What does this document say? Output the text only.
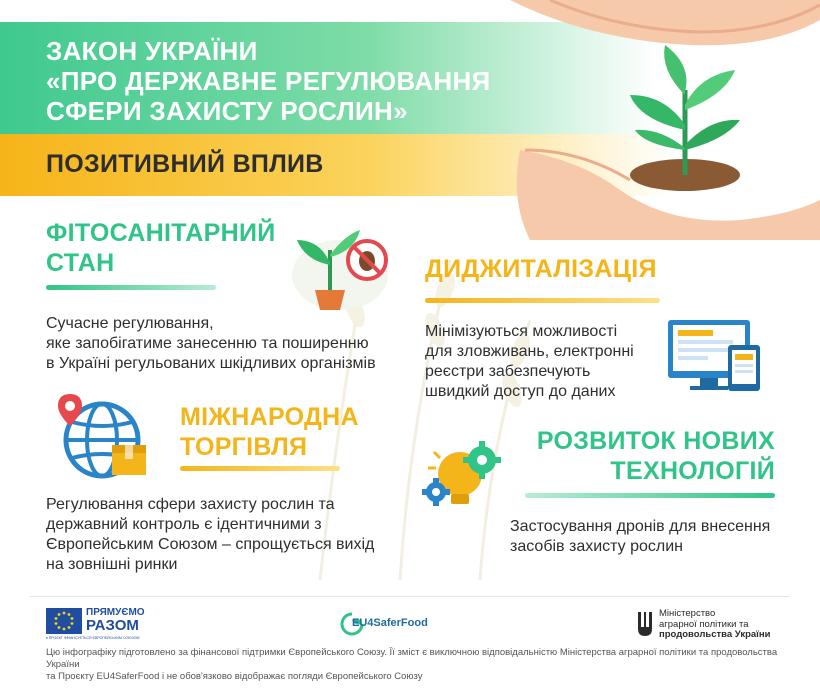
ЗАКОН УКРАЇНИ
«ПРО ДЕРЖАВНЕ РЕГУЛЮВАННЯ
СФЕРИ ЗАХИСТУ РОСЛИН»
ПОЗИТИВНИЙ ВПЛИВ
ФІТОСАНІТАРНИЙ
СТАН
Сучасне регулювання,
яке запобігатиме занесенню та поширенню
в Україні регульованих шкідливих організмів
ДИДЖИТАЛІЗАЦІЯ
Мінімізуються можливості
для зловживань, електронні
реєстри забезпечують
швидкий доступ до даних
МІЖНАРОДНА
ТОРГІВЛЯ
Регулювання сфери захисту рослин та
державний контроль є ідентичними з
Європейським Союзом – спрощується вихід
на зовнішні ринки
РОЗВИТОК НОВИХ
ТЕХНОЛОГІЙ
Застосування дронів для внесення
засобів захисту рослин
ПРЯМУЄМО
РАЗОМ
♦ ПРОЄКТ ФІНАНСУЄТЬСЯ ЄВРОПЕЙСЬКИМ СОЮЗОМ
EU4SaferFood
Міністерство
аграрної політики та
продовольства України
Цю інфографіку підготовлено за фінансової підтримки Європейського Союзу. Її зміст є виключною відповідальністю Міністерства аграрної політики та продовольства України
та Проєкту EU4SaferFood і не обов'язково відображає погляди Європейського Союзу
